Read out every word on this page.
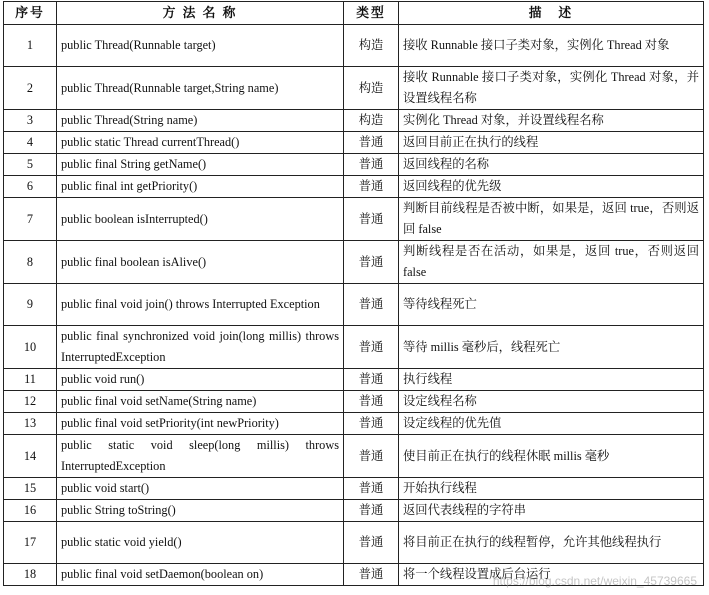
序号	方 法 名 称	类型	描　述
1	public Thread(Runnable target)	构造	接收 Runnable 接口子类对象，实例化 Thread 对象
2	public Thread(Runnable target,String name)	构造	接收 Runnable 接口子类对象，实例化 Thread 对象，并设置线程名称
3	public Thread(String name)	构造	实例化 Thread 对象，并设置线程名称
4	public static Thread currentThread()	普通	返回目前正在执行的线程
5	public final String getName()	普通	返回线程的名称
6	public final int getPriority()	普通	返回线程的优先级
7	public boolean isInterrupted()	普通	判断目前线程是否被中断，如果是，返回 true，否则返回 false
8	public final boolean isAlive()	普通	判断线程是否在活动，如果是，返回 true，否则返回 false
9	public final void join() throws Interrupted Exception	普通	等待线程死亡
10	public final synchronized void join(long millis) throws InterruptedException	普通	等待 millis 毫秒后，线程死亡
11	public void run()	普通	执行线程
12	public final void setName(String name)	普通	设定线程名称
13	public final void setPriority(int newPriority)	普通	设定线程的优先值
14	public static void sleep(long millis) throws InterruptedException	普通	使目前正在执行的线程休眠 millis 毫秒
15	public void start()	普通	开始执行线程
16	public String toString()	普通	返回代表线程的字符串
17	public static void yield()	普通	将目前正在执行的线程暂停，允许其他线程执行
18	public final void setDaemon(boolean on)	普通	将一个线程设置成后台运行
https://blog.csdn.net/weixin_45739665
